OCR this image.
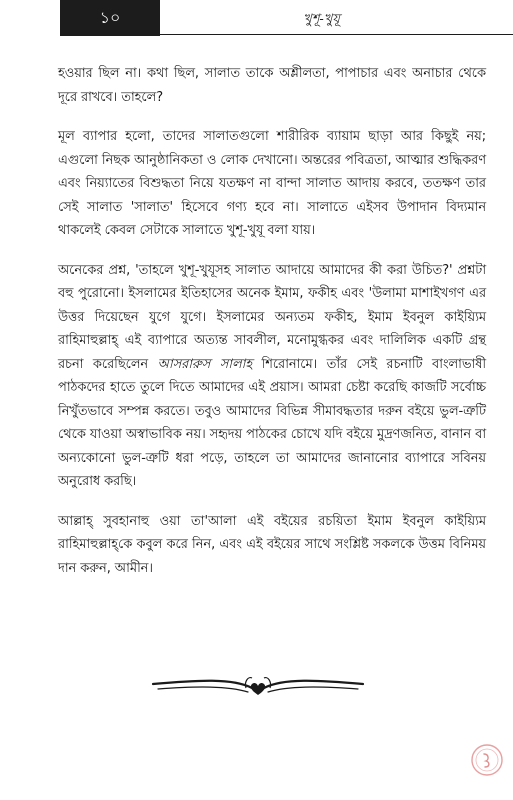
১০	খুশূ-খুযূ

হওয়ার ছিল না। কথা ছিল, সালাত তাকে অশ্লীলতা, পাপাচার এবং অনাচার থেকে দূরে রাখবে। তাহলে?

মূল ব্যাপার হলো, তাদের সালাতগুলো শারীরিক ব্যায়াম ছাড়া আর কিছুই নয়; এগুলো নিছক আনুষ্ঠানিকতা ও লোক দেখানো। অন্তরের পবিত্রতা, আত্মার শুদ্ধিকরণ এবং নিয়্যাতের বিশুদ্ধতা নিয়ে যতক্ষণ না বান্দা সালাত আদায় করবে, ততক্ষণ তার সেই সালাত 'সালাত' হিসেবে গণ্য হবে না। সালাতে এইসব উপাদান বিদ্যমান থাকলেই কেবল সেটাকে সালাতে খুশূ-খুযূ বলা যায়।

অনেকের প্রশ্ন, 'তাহলে খুশূ-খুযূসহ সালাত আদায়ে আমাদের কী করা উচিত?' প্রশ্নটা বহু পুরোনো। ইসলামের ইতিহাসের অনেক ইমাম, ফকীহ এবং 'উলামা মাশাইখগণ এর উত্তর দিয়েছেন যুগে যুগে। ইসলামের অন্যতম ফকীহ, ইমাম ইবনুল কাইয়্যিম রাহিমাহুল্লাহ্ এই ব্যাপারে অত্যন্ত সাবলীল, মনোমুগ্ধকর এবং দালিলিক একটি গ্রন্থ রচনা করেছিলেন আসরারুস সালাহ শিরোনামে। তাঁর সেই রচনাটি বাংলাভাষী পাঠকদের হাতে তুলে দিতে আমাদের এই প্রয়াস। আমরা চেষ্টা করেছি কাজটি সর্বোচ্চ নিখুঁতভাবে সম্পন্ন করতে। তবুও আমাদের বিভিন্ন সীমাবদ্ধতার দরুন বইয়ে ভুল-ত্রুটি থেকে যাওয়া অস্বাভাবিক নয়। সহৃদয় পাঠকের চোখে যদি বইয়ে মুদ্রণজনিত, বানান বা অন্যকোনো ভুল-ত্রুটি ধরা পড়ে, তাহলে তা আমাদের জানানোর ব্যাপারে সবিনয় অনুরোধ করছি।

আল্লাহ্ সুবহানাহু ওয়া তা'আলা এই বইয়ের রচয়িতা ইমাম ইবনুল কাইয়্যিম রাহিমাহুল্লাহ্‌কে কবুল করে নিন, এবং এই বইয়ের সাথে সংশ্লিষ্ট সকলকে উত্তম বিনিময় দান করুন, আমীন।
